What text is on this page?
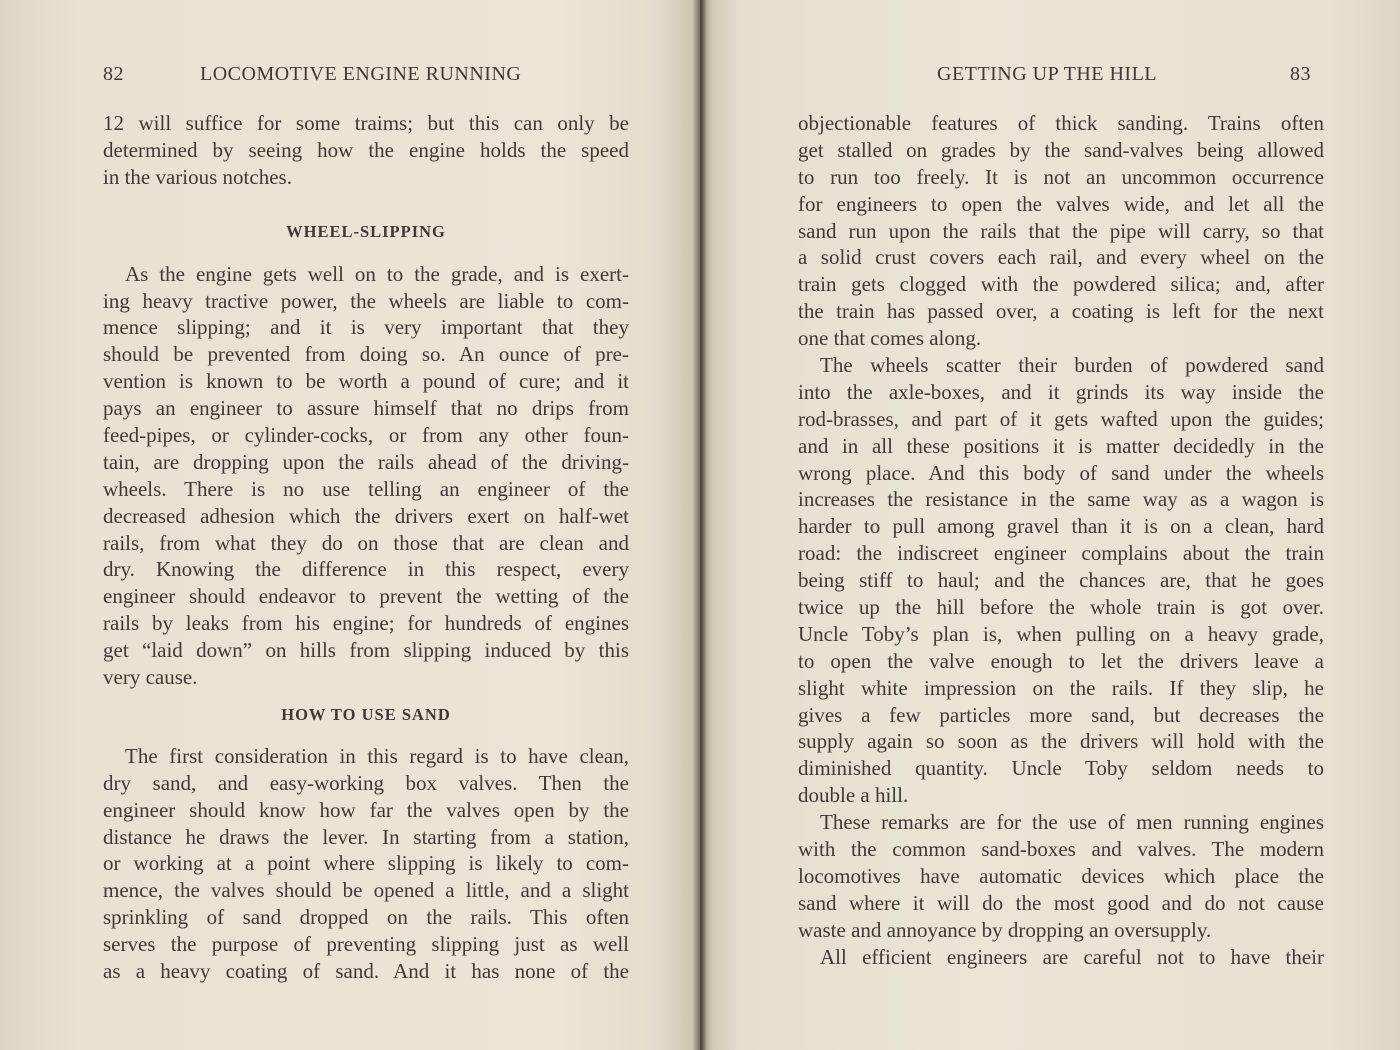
82	LOCOMOTIVE ENGINE RUNNING
12 will suffice for some traims; but this can only be
determined by seeing how the engine holds the speed
in the various notches.
WHEEL-SLIPPING
As the engine gets well on to the grade, and is exert-
ing heavy tractive power, the wheels are liable to com-
mence slipping; and it is very important that they
should be prevented from doing so. An ounce of pre-
vention is known to be worth a pound of cure; and it
pays an engineer to assure himself that no drips from
feed-pipes, or cylinder-cocks, or from any other foun-
tain, are dropping upon the rails ahead of the driving-
wheels. There is no use telling an engineer of the
decreased adhesion which the drivers exert on half-wet
rails, from what they do on those that are clean and
dry. Knowing the difference in this respect, every
engineer should endeavor to prevent the wetting of the
rails by leaks from his engine; for hundreds of engines
get “laid down” on hills from slipping induced by this
very cause.
HOW TO USE SAND
The first consideration in this regard is to have clean,
dry sand, and easy-working box valves. Then the
engineer should know how far the valves open by the
distance he draws the lever. In starting from a station,
or working at a point where slipping is likely to com-
mence, the valves should be opened a little, and a slight
sprinkling of sand dropped on the rails. This often
serves the purpose of preventing slipping just as well
as a heavy coating of sand. And it has none of the
GETTING UP THE HILL	83
objectionable features of thick sanding. Trains often
get stalled on grades by the sand-valves being allowed
to run too freely. It is not an uncommon occurrence
for engineers to open the valves wide, and let all the
sand run upon the rails that the pipe will carry, so that
a solid crust covers each rail, and every wheel on the
train gets clogged with the powdered silica; and, after
the train has passed over, a coating is left for the next
one that comes along.
The wheels scatter their burden of powdered sand
into the axle-boxes, and it grinds its way inside the
rod-brasses, and part of it gets wafted upon the guides;
and in all these positions it is matter decidedly in the
wrong place. And this body of sand under the wheels
increases the resistance in the same way as a wagon is
harder to pull among gravel than it is on a clean, hard
road: the indiscreet engineer complains about the train
being stiff to haul; and the chances are, that he goes
twice up the hill before the whole train is got over.
Uncle Toby’s plan is, when pulling on a heavy grade,
to open the valve enough to let the drivers leave a
slight white impression on the rails. If they slip, he
gives a few particles more sand, but decreases the
supply again so soon as the drivers will hold with the
diminished quantity. Uncle Toby seldom needs to
double a hill.
These remarks are for the use of men running engines
with the common sand-boxes and valves. The modern
locomotives have automatic devices which place the
sand where it will do the most good and do not cause
waste and annoyance by dropping an oversupply.
All efficient engineers are careful not to have their
